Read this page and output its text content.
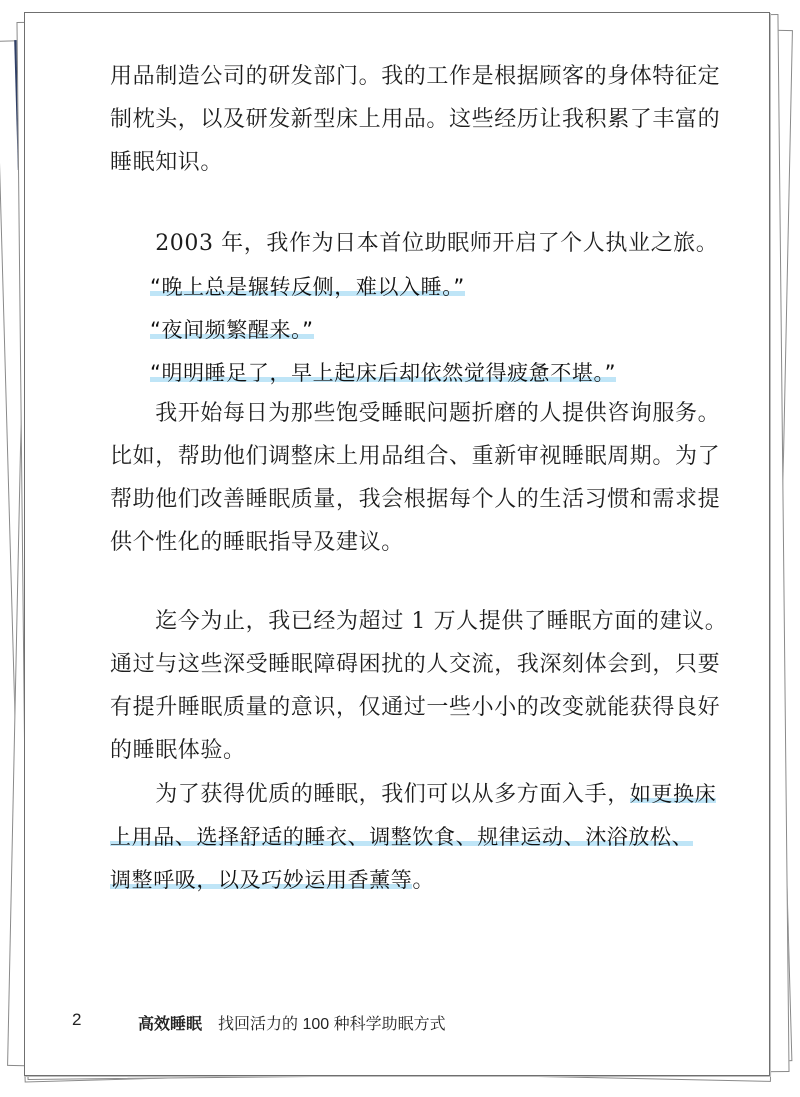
用品制造公司的研发部门。我的工作是根据顾客的身体特征定

制枕头，以及研发新型床上用品。这些经历让我积累了丰富的

睡眠知识。

　　2003 年，我作为日本首位助眠师开启了个人执业之旅。

“晚上总是辗转反侧，难以入睡。”

“夜间频繁醒来。”

“明明睡足了，早上起床后却依然觉得疲惫不堪。”

　　我开始每日为那些饱受睡眠问题折磨的人提供咨询服务。

比如，帮助他们调整床上用品组合、重新审视睡眠周期。为了

帮助他们改善睡眠质量，我会根据每个人的生活习惯和需求提

供个性化的睡眠指导及建议。

　　迄今为止，我已经为超过 1 万人提供了睡眠方面的建议。

通过与这些深受睡眠障碍困扰的人交流，我深刻体会到，只要

有提升睡眠质量的意识，仅通过一些小小的改变就能获得良好

的睡眠体验。

　　为了获得优质的睡眠，我们可以从多方面入手，如更换床

上用品、选择舒适的睡衣、调整饮食、规律运动、沐浴放松、

调整呼吸，以及巧妙运用香薰等。

2	高效睡眠 找回活力的 100 种科学助眠方式
